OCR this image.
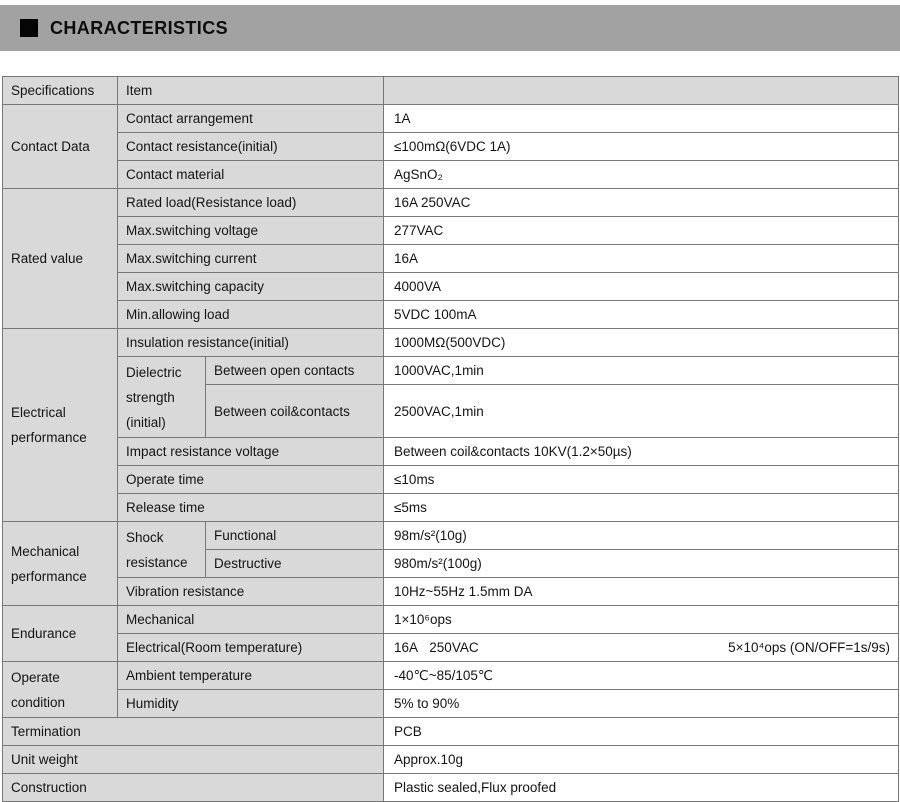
CHARACTERISTICS
Specifications	Item		
Contact Data	Contact arrangement		1A
	Contact resistance(initial)		≤100mΩ(6VDC 1A)
	Contact material		AgSnO₂
Rated value	Rated load(Resistance load)		16A 250VAC
	Max.switching voltage		277VAC
	Max.switching current		16A
	Max.switching capacity		4000VA
	Min.allowing load		5VDC 100mA
Electrical performance	Insulation resistance(initial)		1000MΩ(500VDC)
	Dielectric strength (initial)	Between open contacts	1000VAC,1min
		Between coil&contacts	2500VAC,1min
	Impact resistance voltage		Between coil&contacts 10KV(1.2×50µs)
	Operate time		≤10ms
	Release time		≤5ms
Mechanical performance	Shock resistance	Functional	98m/s²(10g)
		Destructive	980m/s²(100g)
	Vibration resistance		10Hz~55Hz 1.5mm DA
Endurance	Mechanical		1×10⁶ops
	Electrical(Room temperature)		16A   250VAC 5×10⁴ops (ON/OFF=1s/9s)

Operate condition	Ambient temperature		-40℃~85/105℃
	Humidity		5% to 90%
Termination			PCB
Unit weight			Approx.10g
Construction			Plastic sealed,Flux proofed
